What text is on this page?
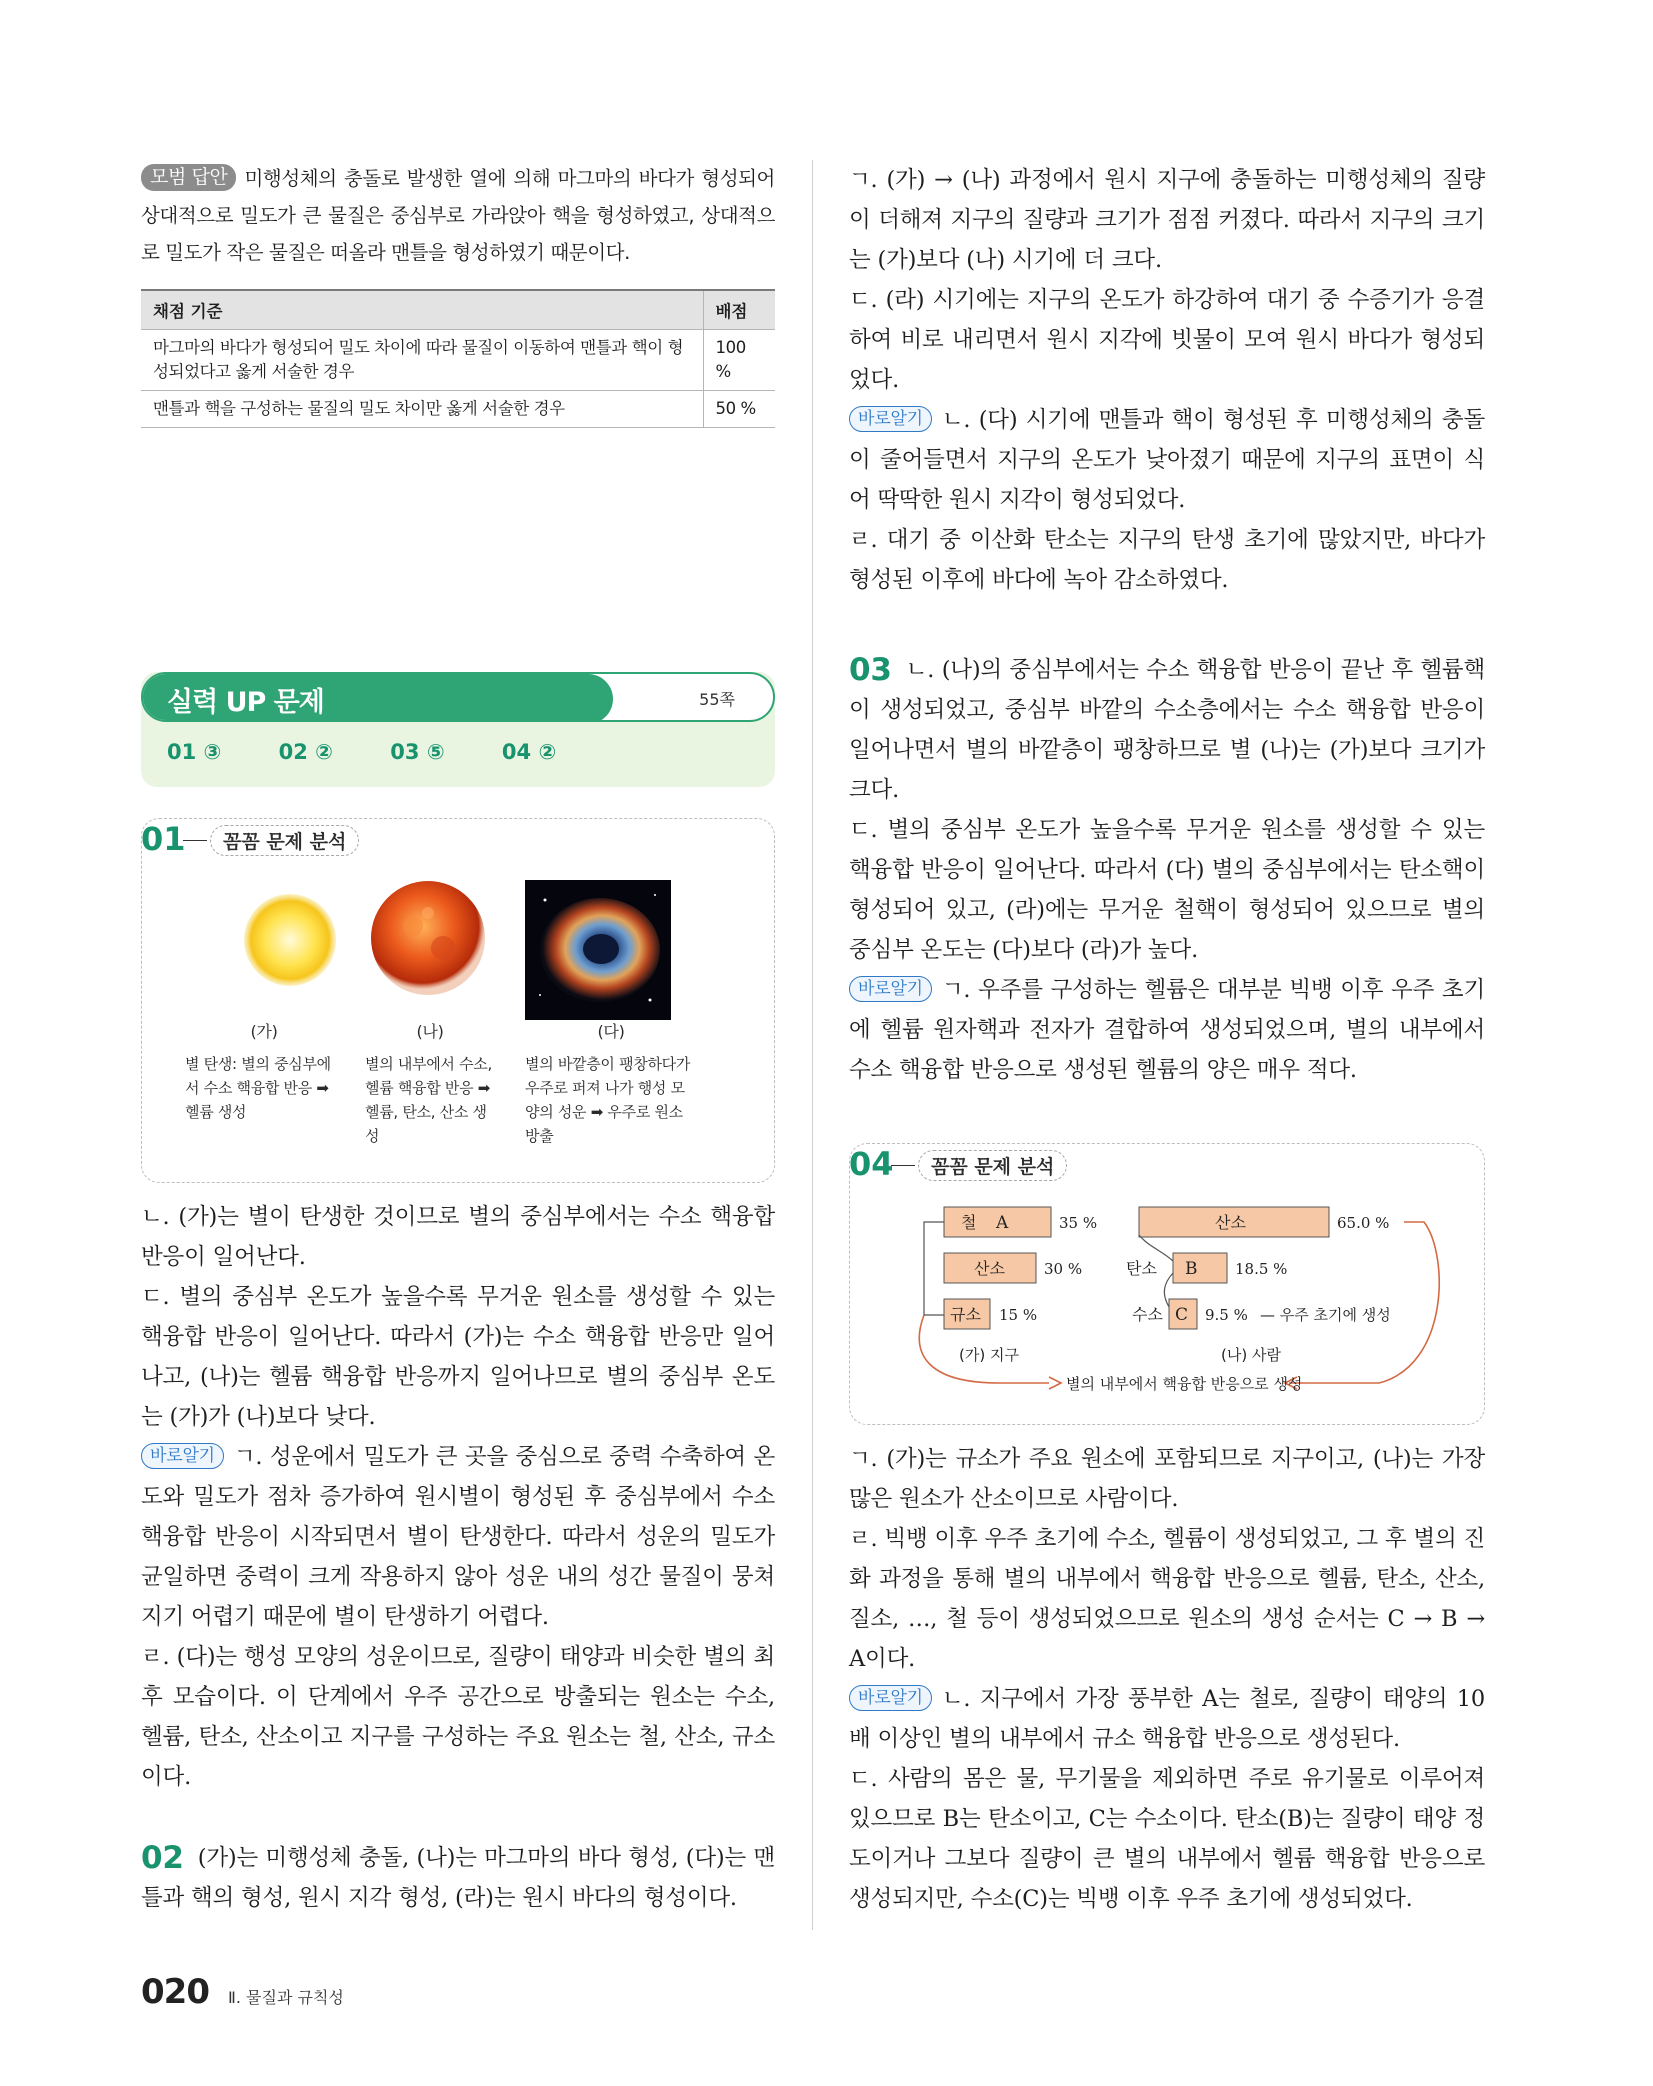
모범 답안 미행성체의 충돌로 발생한 열에 의해 마그마의 바다가 형성되어 상대적으로 밀도가 큰 물질은 중심부로 가라앉아 핵을 형성하였고, 상대적으로 밀도가 작은 물질은 떠올라 맨틀을 형성하였기 때문이다.
채점 기준	배점
마그마의 바다가 형성되어 밀도 차이에 따라 물질이 이동하여 맨틀과 핵이 형성되었다고 옳게 서술한 경우	100 %
맨틀과 핵을 구성하는 물질의 밀도 차이만 옳게 서술한 경우	50 %
실력 UP 문제	55쪽
01 ③	02 ②	03 ⑤	04 ②
01	꼼꼼 문제 분석
(가)
별 탄생: 별의 중심부에서 수소 핵융합 반응 ➡ 헬륨 생성
(나)
별의 내부에서 수소, 헬륨 핵융합 반응 ➡ 헬륨, 탄소, 산소 생성
(다)
별의 바깥층이 팽창하다가 우주로 퍼져 나가 행성 모양의 성운 ➡ 우주로 원소 방출

ㄴ. (가)는 별이 탄생한 것이므로 별의 중심부에서는 수소 핵융합 반응이 일어난다.

ㄷ. 별의 중심부 온도가 높을수록 무거운 원소를 생성할 수 있는 핵융합 반응이 일어난다. 따라서 (가)는 수소 핵융합 반응만 일어나고, (나)는 헬륨 핵융합 반응까지 일어나므로 별의 중심부 온도는 (가)가 (나)보다 낮다.

바로알기 ㄱ. 성운에서 밀도가 큰 곳을 중심으로 중력 수축하여 온도와 밀도가 점차 증가하여 원시별이 형성된 후 중심부에서 수소 핵융합 반응이 시작되면서 별이 탄생한다. 따라서 성운의 밀도가 균일하면 중력이 크게 작용하지 않아 성운 내의 성간 물질이 뭉쳐지기 어렵기 때문에 별이 탄생하기 어렵다.

ㄹ. (다)는 행성 모양의 성운이므로, 질량이 태양과 비슷한 별의 최후 모습이다. 이 단계에서 우주 공간으로 방출되는 원소는 수소, 헬륨, 탄소, 산소이고 지구를 구성하는 주요 원소는 철, 산소, 규소이다.

02 (가)는 미행성체 충돌, (나)는 마그마의 바다 형성, (다)는 맨틀과 핵의 형성, 원시 지각 형성, (라)는 원시 바다의 형성이다.

ㄱ. (가) → (나) 과정에서 원시 지구에 충돌하는 미행성체의 질량이 더해져 지구의 질량과 크기가 점점 커졌다. 따라서 지구의 크기는 (가)보다 (나) 시기에 더 크다.

ㄷ. (라) 시기에는 지구의 온도가 하강하여 대기 중 수증기가 응결하여 비로 내리면서 원시 지각에 빗물이 모여 원시 바다가 형성되었다.

바로알기 ㄴ. (다) 시기에 맨틀과 핵이 형성된 후 미행성체의 충돌이 줄어들면서 지구의 온도가 낮아졌기 때문에 지구의 표면이 식어 딱딱한 원시 지각이 형성되었다.

ㄹ. 대기 중 이산화 탄소는 지구의 탄생 초기에 많았지만, 바다가 형성된 이후에 바다에 녹아 감소하였다.

03 ㄴ. (나)의 중심부에서는 수소 핵융합 반응이 끝난 후 헬륨핵이 생성되었고, 중심부 바깥의 수소층에서는 수소 핵융합 반응이 일어나면서 별의 바깥층이 팽창하므로 별 (나)는 (가)보다 크기가 크다.

ㄷ. 별의 중심부 온도가 높을수록 무거운 원소를 생성할 수 있는 핵융합 반응이 일어난다. 따라서 (다) 별의 중심부에서는 탄소핵이 형성되어 있고, (라)에는 무거운 철핵이 형성되어 있으므로 별의 중심부 온도는 (다)보다 (라)가 높다.

바로알기 ㄱ. 우주를 구성하는 헬륨은 대부분 빅뱅 이후 우주 초기에 헬륨 원자핵과 전자가 결합하여 생성되었으며, 별의 내부에서 수소 핵융합 반응으로 생성된 헬륨의 양은 매우 적다.

04	꼼꼼 문제 분석
철 A	35 %
산소	30 %
규소 15 %
(가) 지구
산소	65.0 %
탄소 B	18.5 %
수소 C 9.5 % — 우주 초기에 생성
(나) 사람
별의 내부에서 핵융합 반응으로 생성

ㄱ. (가)는 규소가 주요 원소에 포함되므로 지구이고, (나)는 가장 많은 원소가 산소이므로 사람이다.

ㄹ. 빅뱅 이후 우주 초기에 수소, 헬륨이 생성되었고, 그 후 별의 진화 과정을 통해 별의 내부에서 핵융합 반응으로 헬륨, 탄소, 산소, 질소, …, 철 등이 생성되었으므로 원소의 생성 순서는 C → B → A이다.

바로알기 ㄴ. 지구에서 가장 풍부한 A는 철로, 질량이 태양의 10배 이상인 별의 내부에서 규소 핵융합 반응으로 생성된다.

ㄷ. 사람의 몸은 물, 무기물을 제외하면 주로 유기물로 이루어져 있으므로 B는 탄소이고, C는 수소이다. 탄소(B)는 질량이 태양 정도이거나 그보다 질량이 큰 별의 내부에서 헬륨 핵융합 반응으로 생성되지만, 수소(C)는 빅뱅 이후 우주 초기에 생성되었다.

020 Ⅱ. 물질과 규칙성
